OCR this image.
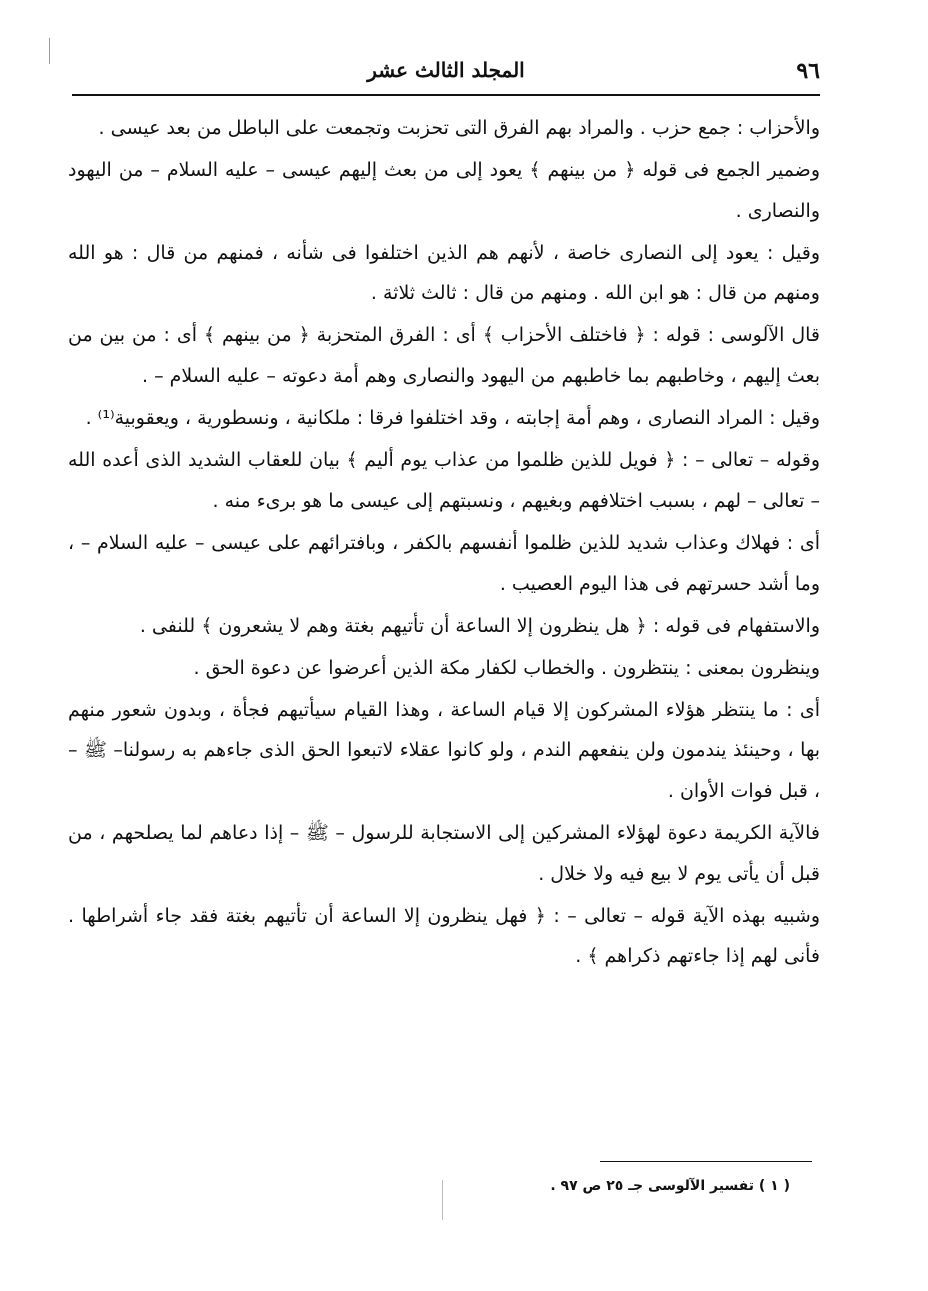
٩٦
المجلد الثالث عشر

والأحزاب : جمع حزب . والمراد بهم الفرق التى تحزبت وتجمعت على الباطل من بعد عيسى .

وضمير الجمع فى قوله ﴿ من بينهم ﴾ يعود إلى من بعث إليهم عيسى – عليه السلام – من اليهود والنصارى .

وقيل : يعود إلى النصارى خاصة ، لأنهم هم الذين اختلفوا فى شأنه ، فمنهم من قال : هو الله ومنهم من قال : هو ابن الله . ومنهم من قال : ثالث ثلاثة .

قال الآلوسى : قوله : ﴿ فاختلف الأحزاب ﴾ أى : الفرق المتحزبة ﴿ من بينهم ﴾ أى : من بين من بعث إليهم ، وخاطبهم بما خاطبهم من اليهود والنصارى وهم أمة دعوته – عليه السلام – .

وقيل : المراد النصارى ، وهم أمة إجابته ، وقد اختلفوا فرقا : ملكانية ، ونسطورية ، ويعقوبية⁽¹⁾ .

وقوله – تعالى – : ﴿ فويل للذين ظلموا من عذاب يوم أليم ﴾ بيان للعقاب الشديد الذى أعده الله – تعالى – لهم ، بسبب اختلافهم وبغيهم ، ونسبتهم إلى عيسى ما هو برىء منه .

أى : فهلاك وعذاب شديد للذين ظلموا أنفسهم بالكفر ، وبافترائهم على عيسى – عليه السلام – ، وما أشد حسرتهم فى هذا اليوم العصيب .

والاستفهام فى قوله : ﴿ هل ينظرون إلا الساعة أن تأتيهم بغتة وهم لا يشعرون ﴾ للنفى .

وينظرون بمعنى : ينتظرون . والخطاب لكفار مكة الذين أعرضوا عن دعوة الحق .

أى : ما ينتظر هؤلاء المشركون إلا قيام الساعة ، وهذا القيام سيأتيهم فجأة ، وبدون شعور منهم بها ، وحينئذ يندمون ولن ينفعهم الندم ، ولو كانوا عقلاء لاتبعوا الحق الذى جاءهم به رسولنا– ﷺ – ، قبل فوات الأوان .

فالآية الكريمة دعوة لهؤلاء المشركين إلى الاستجابة للرسول – ﷺ – إذا دعاهم لما يصلحهم ، من قبل أن يأتى يوم لا بيع فيه ولا خلال .

وشبيه بهذه الآية قوله – تعالى – : ﴿ فهل ينظرون إلا الساعة أن تأتيهم بغتة فقد جاء أشراطها . فأنى لهم إذا جاءتهم ذكراهم ﴾ .

( ١ ) تفسير الآلوسى جـ ٢٥ ص ٩٧ .
